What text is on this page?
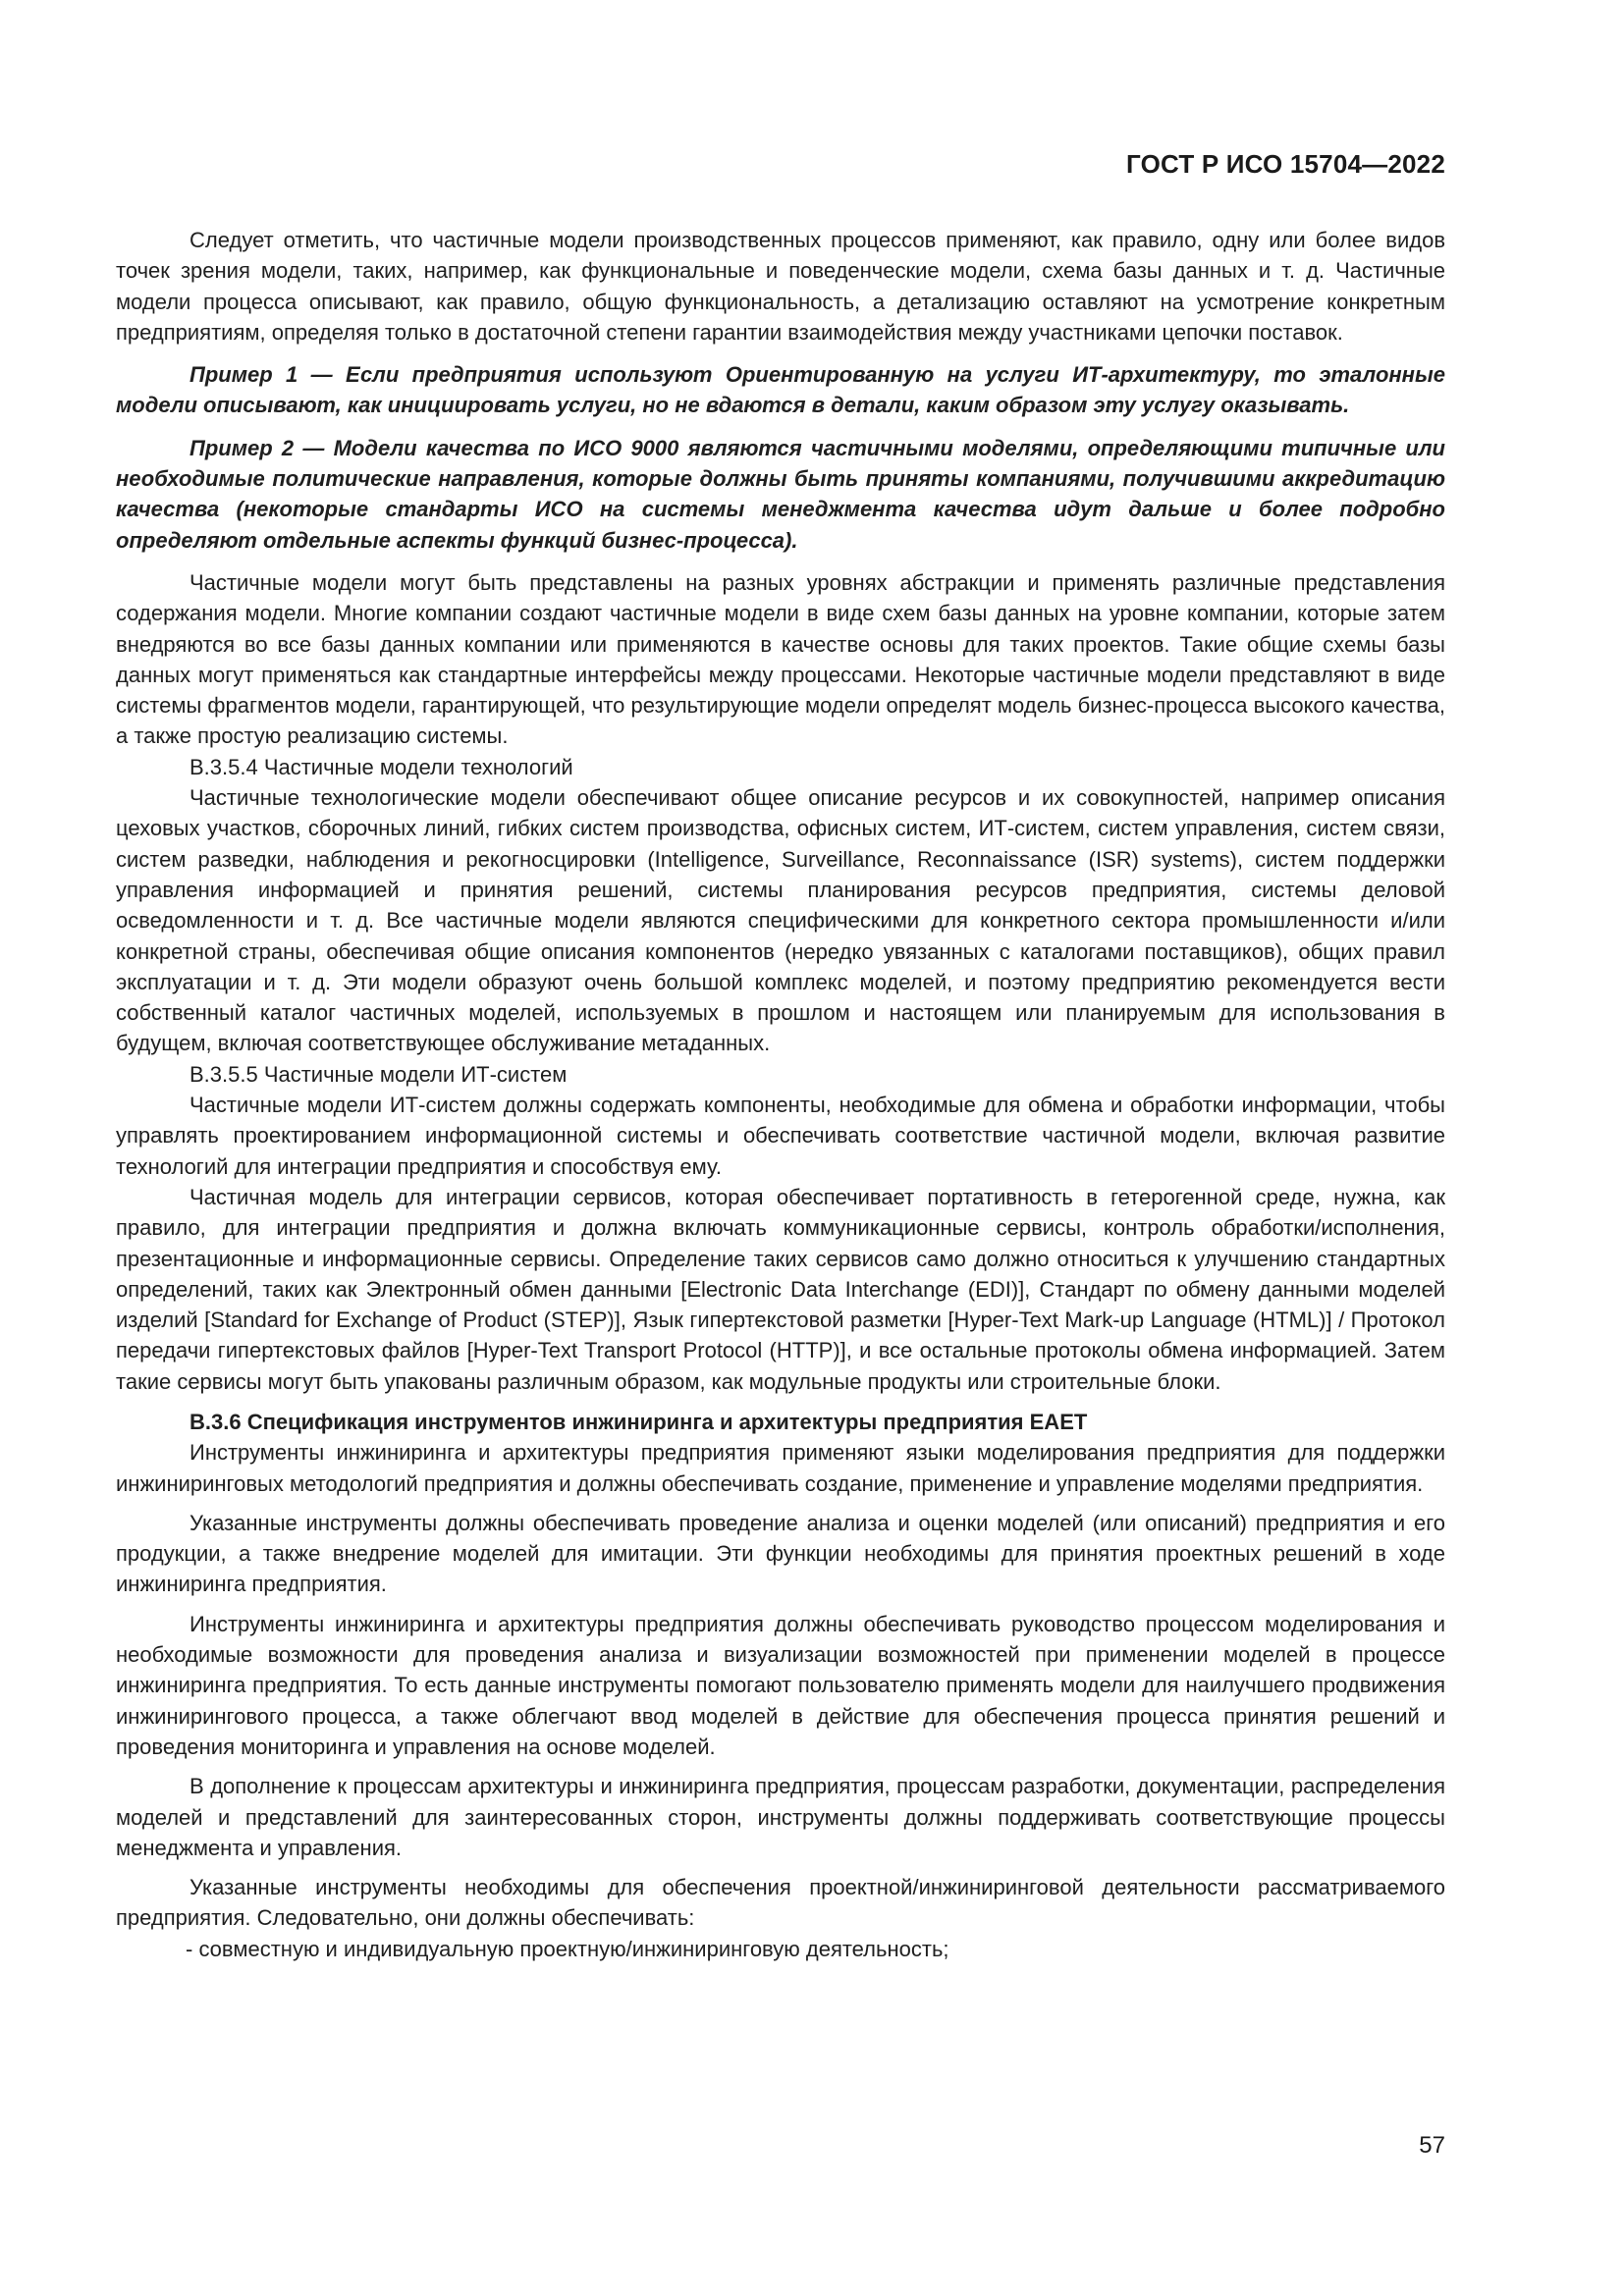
ГОСТ Р ИСО 15704—2022

Следует отметить, что частичные модели производственных процессов применяют, как правило, одну или более видов точек зрения модели, таких, например, как функциональные и поведенческие модели, схема базы данных и т. д. Частичные модели процесса описывают, как правило, общую функциональность, а детализацию оставляют на усмотрение конкретным предприятиям, определяя только в достаточной степени гарантии взаимодействия между участниками цепочки поставок.

Пример 1 — Если предприятия используют Ориентированную на услуги ИТ-архитектуру, то эталонные модели описывают, как инициировать услуги, но не вдаются в детали, каким образом эту услугу оказывать.

Пример 2 — Модели качества по ИСО 9000 являются частичными моделями, определяющими типичные или необходимые политические направления, которые должны быть приняты компаниями, получившими аккредитацию качества (некоторые стандарты ИСО на системы менеджмента качества идут дальше и более подробно определяют отдельные аспекты функций бизнес-процесса).

Частичные модели могут быть представлены на разных уровнях абстракции и применять различные представления содержания модели. Многие компании создают частичные модели в виде схем базы данных на уровне компании, которые затем внедряются во все базы данных компании или применяются в качестве основы для таких проектов. Такие общие схемы базы данных могут применяться как стандартные интерфейсы между процессами. Некоторые частичные модели представляют в виде системы фрагментов модели, гарантирующей, что результирующие модели определят модель бизнес-процесса высокого качества, а также простую реализацию системы.

В.3.5.4 Частичные модели технологий

Частичные технологические модели обеспечивают общее описание ресурсов и их совокупностей, например описания цеховых участков, сборочных линий, гибких систем производства, офисных систем, ИТ-систем, систем управления, систем связи, систем разведки, наблюдения и рекогносцировки (Intelligence, Surveillance, Reconnaissance (ISR) systems), систем поддержки управления информацией и принятия решений, системы планирования ресурсов предприятия, системы деловой осведомленности и т. д. Все частичные модели являются специфическими для конкретного сектора промышленности и/или конкретной страны, обеспечивая общие описания компонентов (нередко увязанных с каталогами поставщиков), общих правил эксплуатации и т. д. Эти модели образуют очень большой комплекс моделей, и поэтому предприятию рекомендуется вести собственный каталог частичных моделей, используемых в прошлом и настоящем или планируемым для использования в будущем, включая соответствующее обслуживание метаданных.

В.3.5.5 Частичные модели ИТ-систем

Частичные модели ИТ-систем должны содержать компоненты, необходимые для обмена и обработки информации, чтобы управлять проектированием информационной системы и обеспечивать соответствие частичной модели, включая развитие технологий для интеграции предприятия и способствуя ему.

Частичная модель для интеграции сервисов, которая обеспечивает портативность в гетерогенной среде, нужна, как правило, для интеграции предприятия и должна включать коммуникационные сервисы, контроль обработки/исполнения, презентационные и информационные сервисы. Определение таких сервисов само должно относиться к улучшению стандартных определений, таких как Электронный обмен данными [Electronic Data Interchange (EDI)], Стандарт по обмену данными моделей изделий [Standard for Exchange of Product (STEP)], Язык гипертекстовой разметки [Hyper-Text Mark-up Language (HTML)] / Протокол передачи гипертекстовых файлов [Hyper-Text Transport Protocol (HTTP)], и все остальные протоколы обмена информацией. Затем такие сервисы могут быть упакованы различным образом, как модульные продукты или строительные блоки.

В.3.6 Спецификация инструментов инжиниринга и архитектуры предприятия EAET

Инструменты инжиниринга и архитектуры предприятия применяют языки моделирования предприятия для поддержки инжиниринговых методологий предприятия и должны обеспечивать создание, применение и управление моделями предприятия.

Указанные инструменты должны обеспечивать проведение анализа и оценки моделей (или описаний) предприятия и его продукции, а также внедрение моделей для имитации. Эти функции необходимы для принятия проектных решений в ходе инжиниринга предприятия.

Инструменты инжиниринга и архитектуры предприятия должны обеспечивать руководство процессом моделирования и необходимые возможности для проведения анализа и визуализации возможностей при применении моделей в процессе инжиниринга предприятия. То есть данные инструменты помогают пользователю применять модели для наилучшего продвижения инжинирингового процесса, а также облегчают ввод моделей в действие для обеспечения процесса принятия решений и проведения мониторинга и управления на основе моделей.

В дополнение к процессам архитектуры и инжиниринга предприятия, процессам разработки, документации, распределения моделей и представлений для заинтересованных сторон, инструменты должны поддерживать соответствующие процессы менеджмента и управления.

Указанные инструменты необходимы для обеспечения проектной/инжиниринговой деятельности рассматриваемого предприятия. Следовательно, они должны обеспечивать:

- совместную и индивидуальную проектную/инжиниринговую деятельность;

57
